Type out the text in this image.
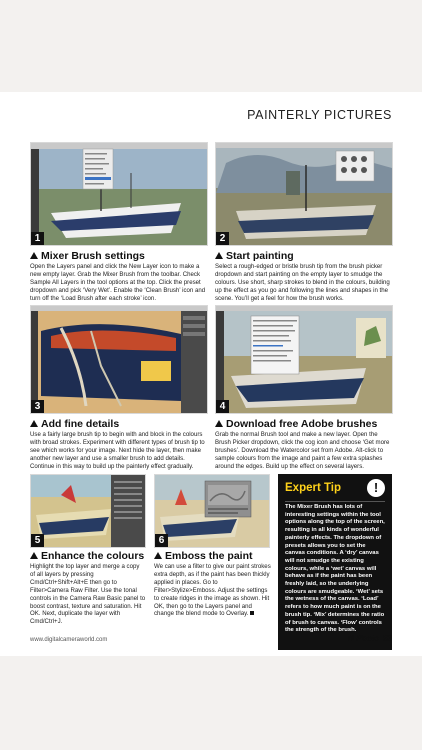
PAINTERLY PICTURES
1	2
Mixer Brush settings
Open the Layers panel and click the New Layer icon to make a new empty layer. Grab the Mixer Brush from the toolbar. Check Sample All Layers in the tool options at the top. Click the preset dropdown and pick ‘Very Wet’. Enable the ‘Clean Brush’ icon and turn off the ‘Load Brush after each stroke’ icon.
Start painting
Select a rough-edged or bristle brush tip from the brush picker dropdown and start painting on the empty layer to smudge the colours. Use short, sharp strokes to blend in the colours, building up the effect as you go and following the lines and shapes in the scene. You’ll get a feel for how the brush works.
3	4
Add fine details
Use a fairly large brush tip to begin with and block in the colours with broad strokes. Experiment with different types of brush tip to see which works for your image. Next hide the layer, then make another new layer and use a smaller brush to add details. Continue in this way to build up the painterly effect gradually.
Download free Adobe brushes
Grab the normal Brush tool and make a new layer. Open the Brush Picker dropdown, click the cog icon and choose ‘Get more brushes’. Download the Watercolor set from Adobe. Alt-click to sample colours from the image and paint a few extra splashes around the edges. Build up the effect on several layers.
5	6
Enhance the colours
Highlight the top layer and merge a copy of all layers by pressing Cmd/Ctrl+Shift+Alt+E then go to Filter>Camera Raw Filter. Use the tonal controls in the Camera Raw Basic panel to boost contrast, texture and saturation. Hit OK. Next, duplicate the layer with Cmd/Ctrl+J.
Emboss the paint
We can use a filter to give our paint strokes extra depth, as if the paint has been thickly applied in places. Go to Filter>Stylize>Emboss. Adjust the settings to create ridges in the image as shown. Hit OK, then go to the Layers panel and change the blend mode to Overlay.
Expert Tip	!
The Mixer Brush has lots of interesting settings within the tool options along the top of the screen, resulting in all kinds of wonderful painterly effects. The dropdown of presets allows you to set the canvas conditions. A ‘dry’ canvas will not smudge the existing colours, while a ‘wet’ canvas will behave as if the paint has been freshly laid, so the underlying colours are smudgeable. ‘Wet’ sets the wetness of the canvas. ‘Load’ refers to how much paint is on the brush tip. ‘Mix’ determines the ratio of brush to canvas. ‘Flow’ controls the strength of the brush.
www.digitalcameraworld.com	N-Photo 53
